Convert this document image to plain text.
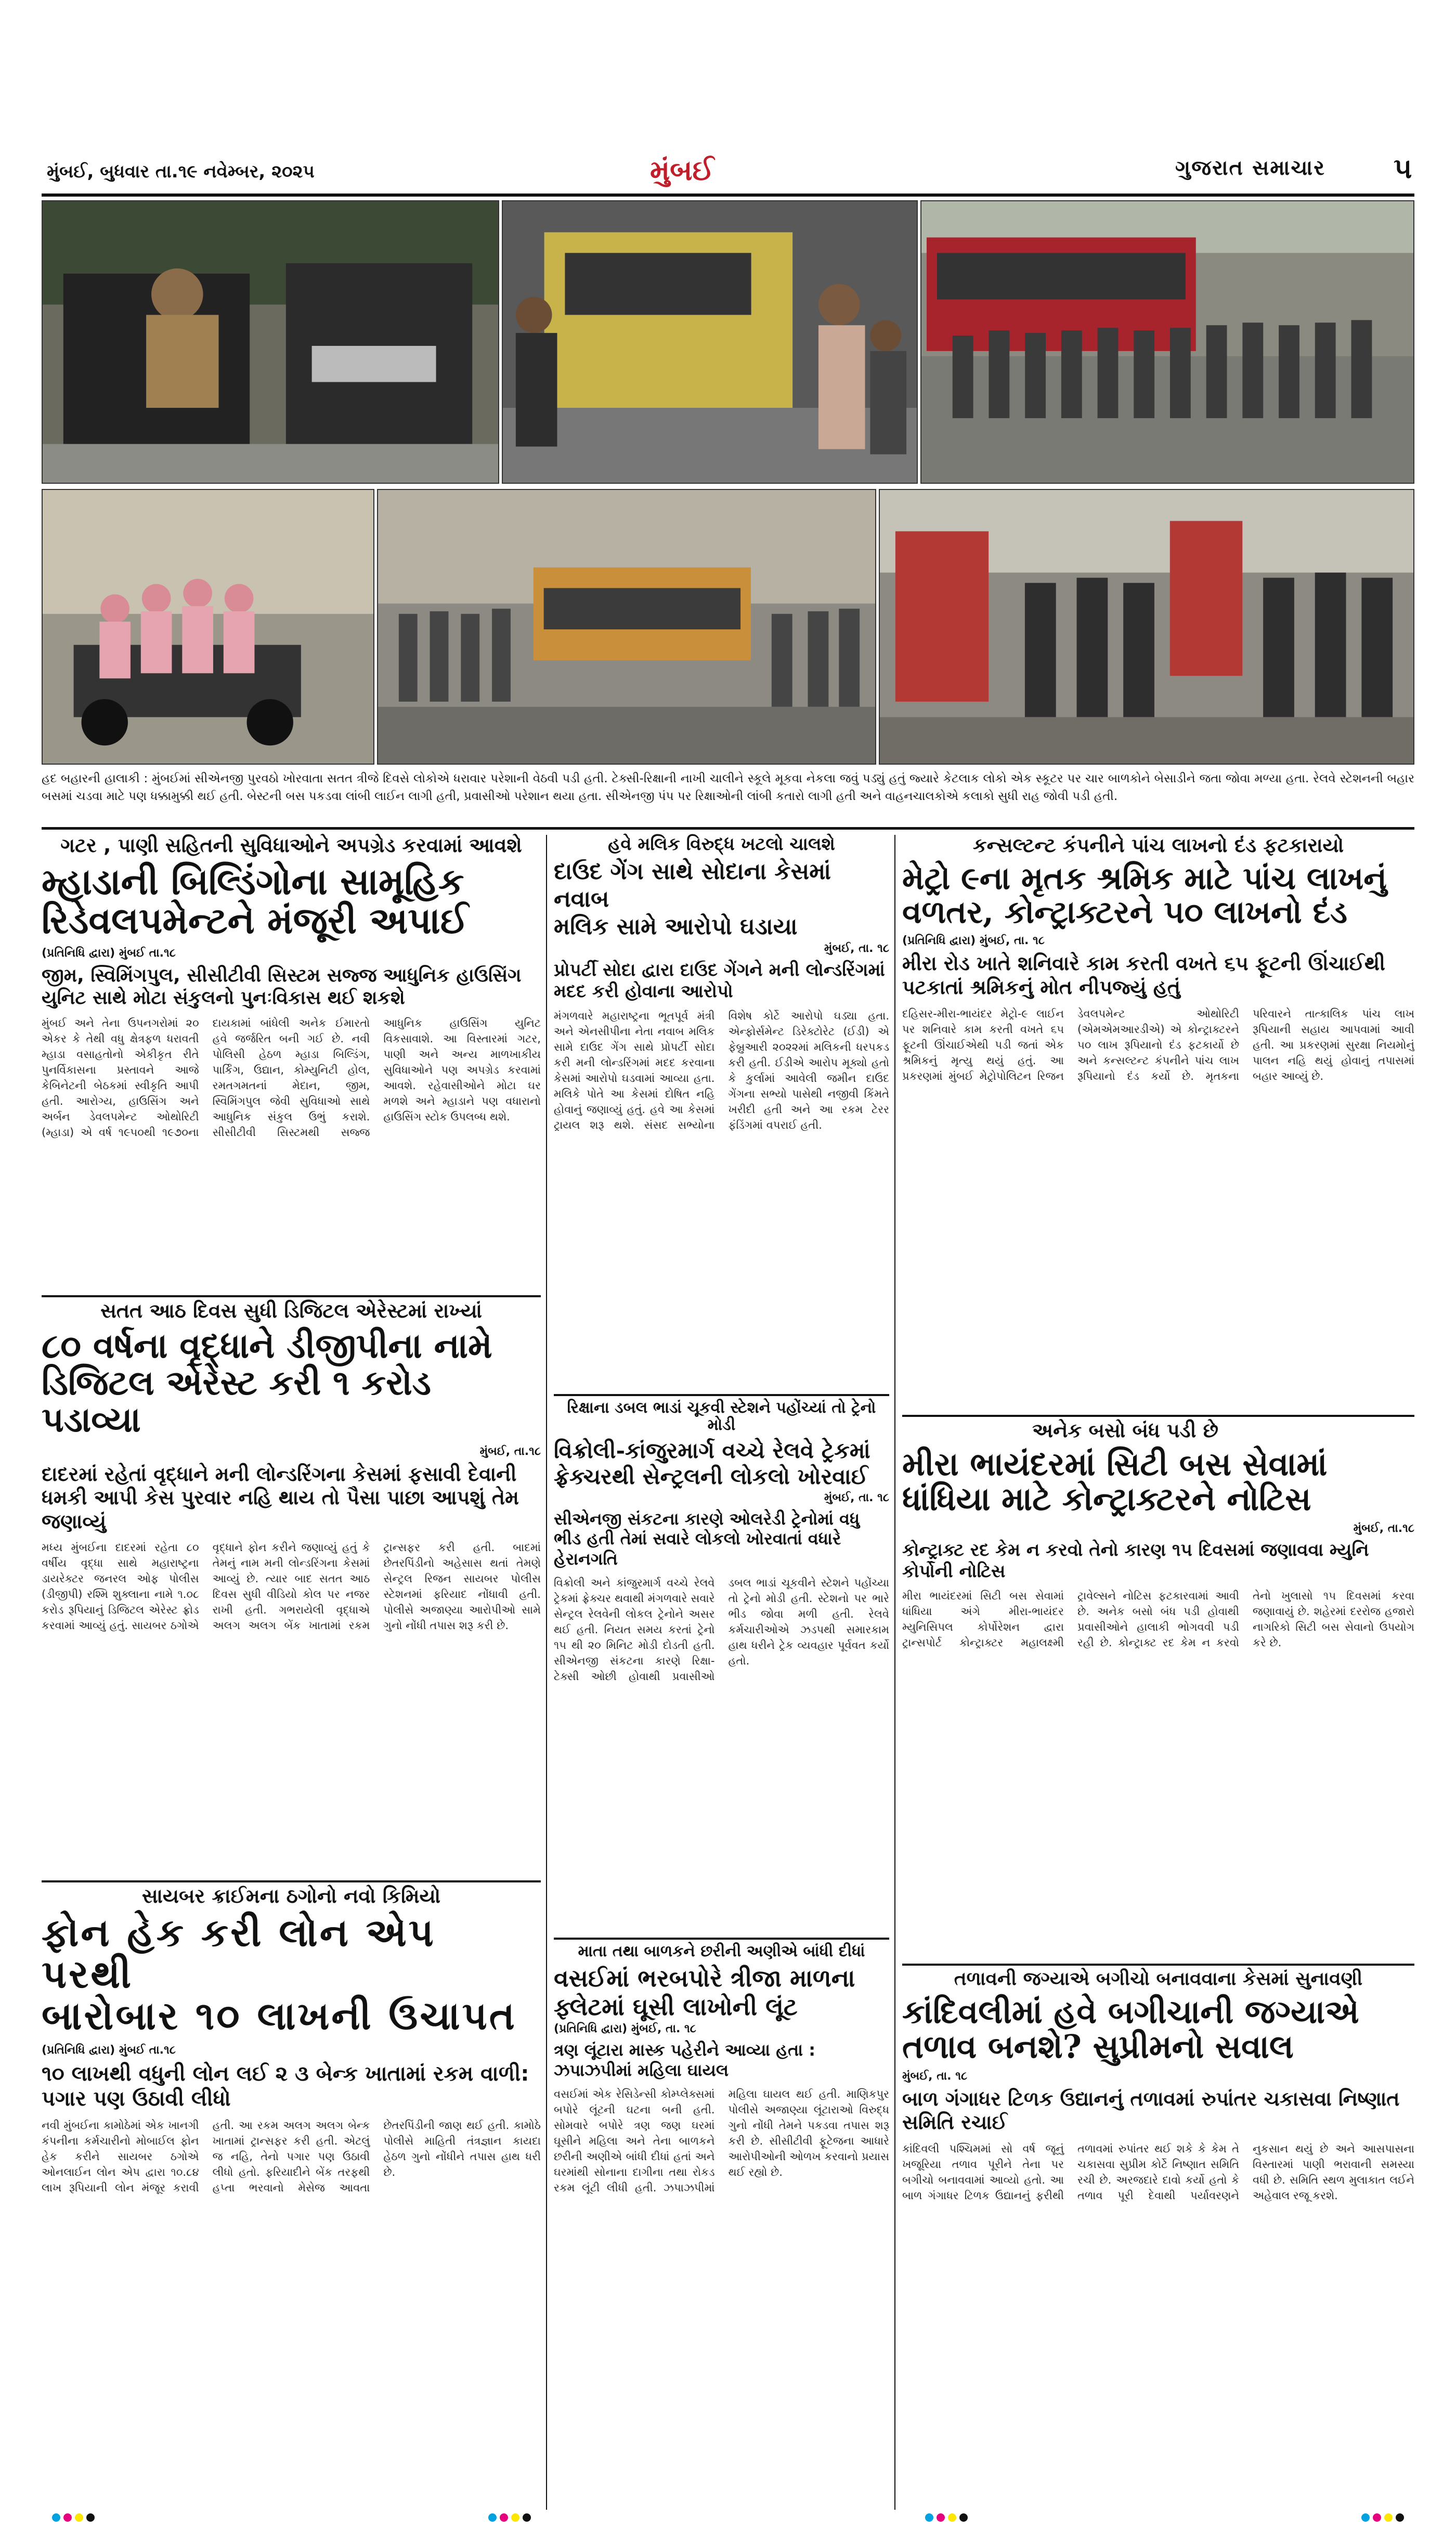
મુંબઈ, બુધવાર તા.૧૯ નવેમ્બર, ૨૦૨૫	મુંબઈ	ગુજરાત સમાચાર ૫
હદ બહારની હાલાકી : મુંબઈમાં સીએનજી પુરવઠો ખોરવાતા સતત ત્રીજે દિવસે લોકોએ ધરાવાર પરેશાની વેઠવી પડી હતી. ટેક્સી-રિક્ષાની નાખી ચાલીને સ્કૂલે મૂકવા નેકલા જવું પડ્યું હતું જ્યારે કેટલાક લોકો એક સ્કૂટર પર ચાર બાળકોને બેસાડીને જતા જોવા મળ્યા હતા. રેલવે સ્ટેશનની બહાર બસમાં ચડવા માટે પણ ધક્કામુક્કી થઈ હતી. બેસ્ટની બસ પકડવા લાંબી લાઈન લાગી હતી, પ્રવાસીઓ પરેશાન થયા હતા. સીએનજી પંપ પર રિક્ષાઓની લાંબી કતારો લાગી હતી અને વાહનચાલકોએ કલાકો સુધી રાહ જોવી પડી હતી.
ગટર , પાણી સહિતની સુવિધાઓને અપગ્રેડ કરવામાં આવશે
મ્હાડાની બિલ્ડિંગોના સામૂહિક
રિડેવલપમેન્ટને મંજૂરી અપાઈ
(પ્રતિનિધિ દ્વારા) મુંબઈ તા.૧૮
જીમ, સ્વિમિંગપુલ, સીસીટીવી સિસ્ટમ સજ્જ આધુનિક હાઉસિંગ યુનિટ સાથે મોટા સંકુલનો પુનઃવિકાસ થઈ શકશે
મુંબઈ અને તેના ઉપનગરોમાં ૨૦ એકર કે તેથી વધુ ક્ષેત્રફળ ધરાવતી મ્હાડા વસાહતોનો એકીકૃત રીતે પુનર્વિકાસના પ્રસ્તાવને આજે કેબિનેટની બેઠકમાં સ્વીકૃતિ આપી હતી. આરોગ્ય, હાઉસિંગ અને અર્બન ડેવલપમેન્ટ ઓથોરિટી (મ્હાડા) એ વર્ષ ૧૯૫૦થી ૧૯૭૦ના દાયકામાં બાંધેલી અનેક ઈમારતો હવે જર્જરિત બની ગઈ છે. નવી પોલિસી હેઠળ મ્હાડા બિલ્ડિંગ, પાર્કિંગ, ઉદ્યાન, કોમ્યુનિટી હોલ, રમતગમતનાં મેદાન, જીમ, સ્વિમિંગપુલ જેવી સુવિધાઓ સાથે આધુનિક સંકુલ ઉભું કરાશે. સીસીટીવી સિસ્ટમથી સજ્જ આધુનિક હાઉસિંગ યુનિટ વિકસાવાશે. આ વિસ્તારમાં ગટર, પાણી અને અન્ય માળખાકીય સુવિધાઓને પણ અપગ્રેડ કરવામાં આવશે. રહેવાસીઓને મોટા ઘર મળશે અને મ્હાડાને પણ વધારાનો હાઉસિંગ સ્ટોક ઉપલબ્ધ થશે.
સતત આઠ દિવસ સુધી ડિજિટલ એરેસ્ટમાં રાખ્યાં
૮૦ વર્ષના વૃદ્ધાને ડીજીપીના નામે
ડિજિટલ એરેસ્ટ કરી ૧ કરોડ પડાવ્યા
મુંબઈ, તા.૧૮
દાદરમાં રહેતાં વૃદ્ધાને મની લોન્ડરિંગના કેસમાં ફસાવી દેવાની ધમકી આપી કેસ પુરવાર નહિ થાય તો પૈસા પાછા આપશું તેમ જણાવ્યું
મધ્ય મુંબઈના દાદરમાં રહેતા ૮૦ વર્ષીય વૃદ્ધા સાથે મહારાષ્ટ્રના ડાયરેક્ટર જનરલ ઓફ પોલીસ (ડીજીપી) રશ્મિ શુક્લાના નામે ૧.૦૮ કરોડ રૂપિયાનું ડિજિટલ એરેસ્ટ ફ્રોડ કરવામાં આવ્યું હતું. સાયબર ઠગોએ વૃદ્ધાને ફોન કરીને જણાવ્યું હતું કે તેમનું નામ મની લોન્ડરિંગના કેસમાં આવ્યું છે. ત્યાર બાદ સતત આઠ દિવસ સુધી વીડિયો કોલ પર નજર રાખી હતી. ગભરાયેલી વૃદ્ધાએ અલગ અલગ બેંક ખાતામાં રકમ ટ્રાન્સફર કરી હતી. બાદમાં છેતરપિંડીનો અહેસાસ થતાં તેમણે સેન્ટ્રલ રિજન સાયબર પોલીસ સ્ટેશનમાં ફરિયાદ નોંધાવી હતી. પોલીસે અજાણ્યા આરોપીઓ સામે ગુનો નોંધી તપાસ શરૂ કરી છે.
સાયબર ક્રાઈમના ઠગોનો નવો કિમિયો
ફોન હેક કરી લોન એપ પરથી
બારોબાર ૧૦ લાખની ઉચાપત
(પ્રતિનિધિ દ્વારા) મુંબઈ તા.૧૮
૧૦ લાખથી વધુની લોન લઈ ૨ ૩ બેન્ક ખાતામાં રકમ વાળી: પગાર પણ ઉઠાવી લીધો
નવી મુંબઈના કામોઠેમાં એક ખાનગી કંપનીના કર્મચારીનો મોબાઈલ ફોન હેક કરીને સાયબર ઠગોએ ઓનલાઈન લોન એપ દ્વારા ૧૦.૮૪ લાખ રૂપિયાની લોન મંજૂર કરાવી હતી. આ રકમ અલગ અલગ બેન્ક ખાતામાં ટ્રાન્સફર કરી હતી. એટલું જ નહિ, તેનો પગાર પણ ઉઠાવી લીધો હતો. ફરિયાદીને બેંક તરફથી હપ્તા ભરવાનો મેસેજ આવતા છેતરપિંડીની જાણ થઈ હતી. કામોઠે પોલીસે માહિતી તંત્રજ્ઞાન કાયદા હેઠળ ગુનો નોંધીને તપાસ હાથ ધરી છે.
હવે મલિક વિરુદ્ધ ખટલો ચાલશે
દાઉદ ગેંગ સાથે સોદાના કેસમાં નવાબ
મલિક સામે આરોપો ઘડાયા
મુંબઈ, તા. ૧૮
પ્રોપર્ટી સોદા દ્વારા દાઉદ ગેંગને મની લોન્ડરિંગમાં મદદ કરી હોવાના આરોપો
મંગળવારે મહારાષ્ટ્રના ભૂતપૂર્વ મંત્રી અને એનસીપીના નેતા નવાબ મલિક સામે દાઉદ ગેંગ સાથે પ્રોપર્ટી સોદા કરી મની લોન્ડરિંગમાં મદદ કરવાના કેસમાં આરોપો ઘડવામાં આવ્યા હતા. મલિકે પોતે આ કેસમાં દોષિત નહિ હોવાનું જણાવ્યું હતું. હવે આ કેસમાં ટ્રાયલ શરૂ થશે. સંસદ સભ્યોના વિશેષ કોર્ટે આરોપો ઘડ્યા હતા. એન્ફોર્સમેન્ટ ડિરેક્ટોરેટ (ઈડી) એ ફેબ્રુઆરી ૨૦૨૨માં મલિકની ધરપકડ કરી હતી. ઈડીએ આરોપ મૂક્યો હતો કે કુર્લામાં આવેલી જમીન દાઉદ ગેંગના સભ્યો પાસેથી નજીવી કિંમતે ખરીદી હતી અને આ રકમ ટેરર ફંડિંગમાં વપરાઈ હતી.
રિક્ષાના ડબલ ભાડાં ચૂકવી સ્ટેશને પહોંચ્યાં તો ટ્રેનો મોડી
વિક્રોલી-કાંજુરમાર્ગ વચ્ચે રેલવે ટ્રેકમાં
ફ્રેક્ચરથી સેન્ટ્રલની લોકલો ખોરવાઈ
મુંબઈ, તા. ૧૮
સીએનજી સંકટના કારણે ઓલરેડી ટ્રેનોમાં વધુ ભીડ હતી તેમાં સવારે લોકલો ખોરવાતાં વધારે હેરાનગતિ
વિક્રોલી અને કાંજુરમાર્ગ વચ્ચે રેલવે ટ્રેકમાં ફ્રેક્ચર થવાથી મંગળવારે સવારે સેન્ટ્રલ રેલવેની લોકલ ટ્રેનોને અસર થઈ હતી. નિયત સમય કરતાં ટ્રેનો ૧૫ થી ૨૦ મિનિટ મોડી દોડતી હતી. સીએનજી સંકટના કારણે રિક્ષા-ટેક્સી ઓછી હોવાથી પ્રવાસીઓ ડબલ ભાડાં ચૂકવીને સ્ટેશને પહોંચ્યા તો ટ્રેનો મોડી હતી. સ્ટેશનો પર ભારે ભીડ જોવા મળી હતી. રેલવે કર્મચારીઓએ ઝડપથી સમારકામ હાથ ધરીને ટ્રેક વ્યવહાર પૂર્વવત કર્યો હતો.
માતા તથા બાળકને છરીની અણીએ બાંધી દીધાં
વસઈમાં ભરબપોરે ત્રીજા માળના
ફ્લેટમાં ઘૂસી લાખોની લૂંટ
(પ્રતિનિધિ દ્વારા) મુંબઈ, તા. ૧૮
ત્રણ લૂંટારા માસ્ક પહેરીને આવ્યા હતા : ઝપાઝપીમાં મહિલા ઘાયલ
વસઈમાં એક રેસિડેન્સી કોમ્પ્લેક્સમાં બપોરે લૂંટની ઘટના બની હતી. સોમવારે બપોરે ત્રણ જણ ઘરમાં ઘૂસીને મહિલા અને તેના બાળકને છરીની અણીએ બાંધી દીધાં હતાં અને ઘરમાંથી સોનાના દાગીના તથા રોકડ રકમ લૂંટી લીધી હતી. ઝપાઝપીમાં મહિલા ઘાયલ થઈ હતી. માણિકપુર પોલીસે અજાણ્યા લૂંટારાઓ વિરુદ્ધ ગુનો નોંધી તેમને પકડવા તપાસ શરૂ કરી છે. સીસીટીવી ફૂટેજના આધારે આરોપીઓની ઓળખ કરવાનો પ્રયાસ થઈ રહ્યો છે.
કન્સલ્ટન્ટ કંપનીને પાંચ લાખનો દંડ ફટકારાયો
મેટ્રો ૯ના મૃતક શ્રમિક માટે પાંચ લાખનું
વળતર, કોન્ટ્રાક્ટરને ૫૦ લાખનો દંડ
(પ્રતિનિધિ દ્વારા) મુંબઈ, તા. ૧૮
મીરા રોડ ખાતે શનિવારે કામ કરતી વખતે ૬૫ ફૂટની ઊંચાઈથી પટકાતાં શ્રમિકનું મોત નીપજ્યું હતું
દહિસર-મીરા-ભાયંદર મેટ્રો-૯ લાઈન પર શનિવારે કામ કરતી વખતે ૬૫ ફૂટની ઊંચાઈએથી પડી જતાં એક શ્રમિકનું મૃત્યુ થયું હતું. આ પ્રકરણમાં મુંબઈ મેટ્રોપોલિટન રિજન ડેવલપમેન્ટ ઓથોરિટી (એમએમઆરડીએ) એ કોન્ટ્રાક્ટરને ૫૦ લાખ રૂપિયાનો દંડ ફટકાર્યો છે અને કન્સલ્ટન્ટ કંપનીને પાંચ લાખ રૂપિયાનો દંડ કર્યો છે. મૃતકના પરિવારને તાત્કાલિક પાંચ લાખ રૂપિયાની સહાય આપવામાં આવી હતી. આ પ્રકરણમાં સુરક્ષા નિયમોનું પાલન નહિ થયું હોવાનું તપાસમાં બહાર આવ્યું છે.
અનેક બસો બંધ પડી છે
મીરા ભાયંદરમાં સિટી બસ સેવામાં
ધાંધિયા માટે કોન્ટ્રાક્ટરને નોટિસ
મુંબઈ, તા.૧૮
કોન્ટ્રાક્ટ રદ કેમ ન કરવો તેનો કારણ ૧૫ દિવસમાં જણાવવા મ્યુનિ કોર્પોની નોટિસ
મીરા ભાયંદરમાં સિટી બસ સેવામાં ધાંધિયા અંગે મીરા-ભાયંદર મ્યુનિસિપલ કોર્પોરેશન દ્વારા ટ્રાન્સપોર્ટ કોન્ટ્રાક્ટર મહાલક્ષ્મી ટ્રાવેલ્સને નોટિસ ફટકારવામાં આવી છે. અનેક બસો બંધ પડી હોવાથી પ્રવાસીઓને હાલાકી ભોગવવી પડી રહી છે. કોન્ટ્રાક્ટ રદ કેમ ન કરવો તેનો ખુલાસો ૧૫ દિવસમાં કરવા જણાવાયું છે. શહેરમાં દરરોજ હજારો નાગરિકો સિટી બસ સેવાનો ઉપયોગ કરે છે.
તળાવની જગ્યાએ બગીચો બનાવવાના કેસમાં સુનાવણી
કાંદિવલીમાં હવે બગીચાની જગ્યાએ
તળાવ બનશે? સુપ્રીમનો સવાલ
મુંબઈ, તા. ૧૮
બાળ ગંગાધર ટિળક ઉદ્યાનનું તળાવમાં રુપાંતર ચકાસવા નિષ્ણાત સમિતિ રચાઈ
કાંદિવલી પશ્ચિમમાં સો વર્ષ જૂનું ખજૂરિયા તળાવ પૂરીને તેના પર બગીચો બનાવવામાં આવ્યો હતો. આ બાળ ગંગાધર ટિળક ઉદ્યાનનું ફરીથી તળાવમાં રુપાંતર થઈ શકે કે કેમ તે ચકાસવા સુપ્રીમ કોર્ટે નિષ્ણાત સમિતિ રચી છે. અરજદારે દાવો કર્યો હતો કે તળાવ પૂરી દેવાથી પર્યાવરણને નુકસાન થયું છે અને આસપાસના વિસ્તારમાં પાણી ભરાવાની સમસ્યા વધી છે. સમિતિ સ્થળ મુલાકાત લઈને અહેવાલ રજૂ કરશે.
